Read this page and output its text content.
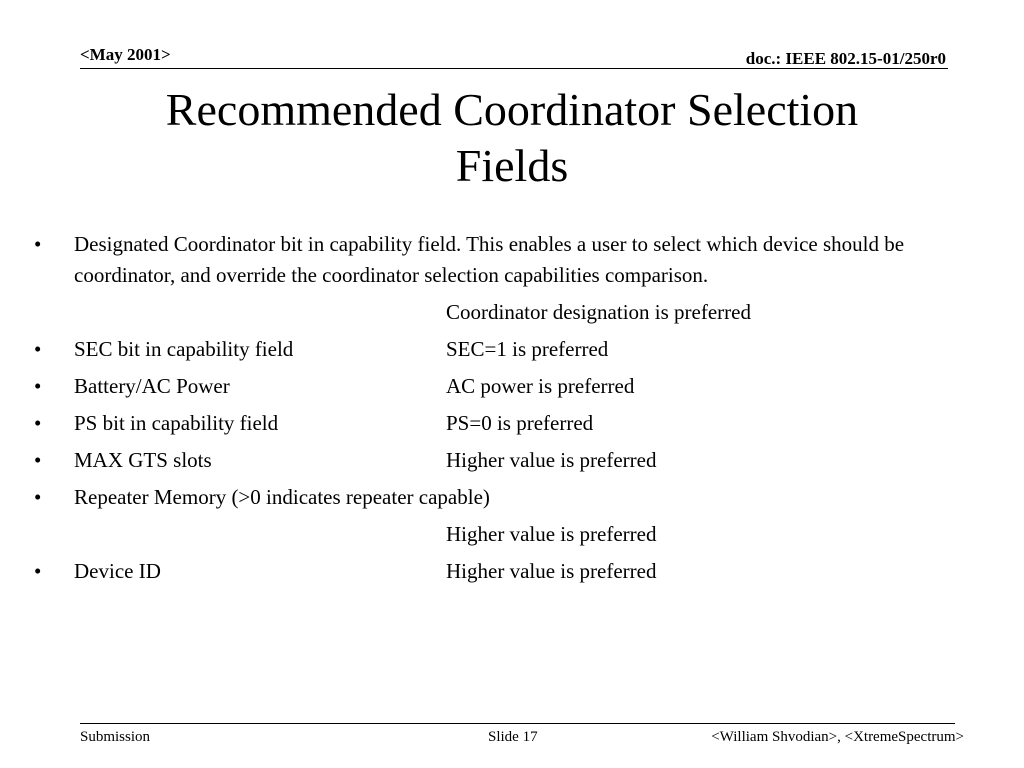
<May 2001>	doc.: IEEE 802.15-01/250r0
Recommended Coordinator Selection
Fields
•	Designated Coordinator bit in capability field. This enables a user to select which device should be coordinator, and override the coordinator selection capabilities comparison.
Coordinator designation is preferred
•	SEC bit in capability field	SEC=1 is preferred
•	Battery/AC Power	AC power is preferred
•	PS bit in capability field	PS=0 is preferred
•	MAX GTS slots	Higher value is preferred
•	Repeater Memory (>0 indicates repeater capable)
Higher value is preferred
•	Device ID	Higher value is preferred
Submission	Slide 17	<William Shvodian>, <XtremeSpectrum>
